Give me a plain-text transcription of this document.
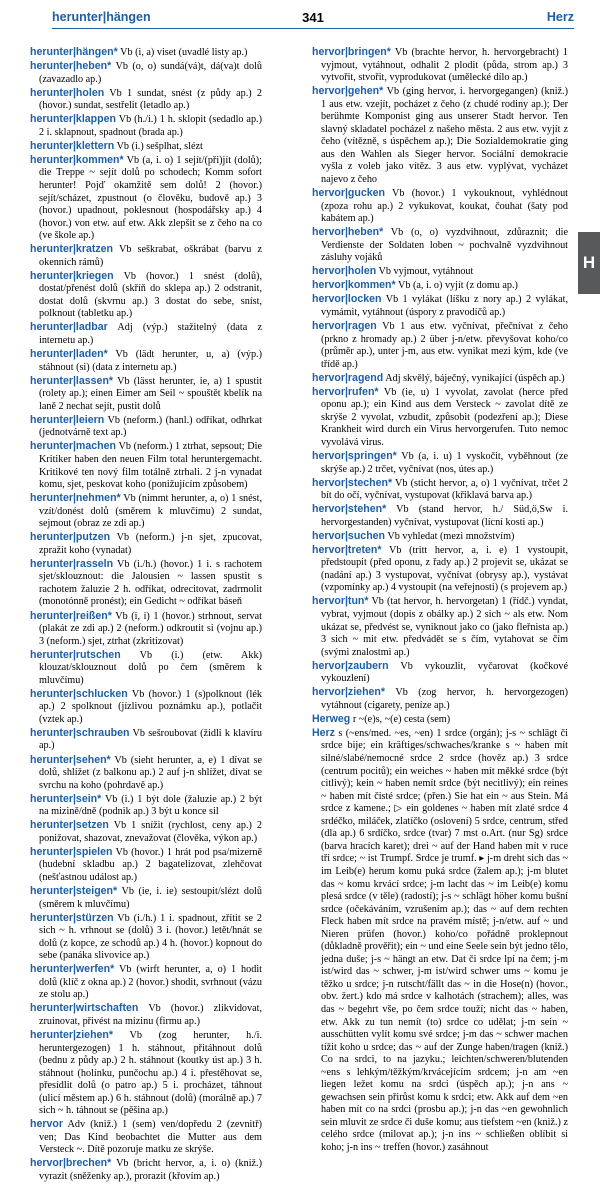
herunter|hängen	341	Herz
H
herunter|hängen* Vb (i, a) viset (uvadlé listy ap.)
herunter|heben* Vb (o, o) sundá(vá)t, dá(va)t dolů (zavazadlo ap.)
herunter|holen Vb 1 sundat, snést (z půdy ap.) 2 (hovor.) sundat, sestřelit (letadlo ap.)
herunter|klappen Vb (h./i.) 1 h. sklopit (sedadlo ap.) 2 i. sklapnout, spadnout (brada ap.)
herunter|klettern Vb (i.) sešplhat, slézt
herunter|kommen* Vb (a, i. o) 1 sejít/(při)jít (dolů); die Treppe ~ sejít dolů po schodech; Komm sofort herunter! Pojď okamžitě sem dolů! 2 (hovor.) sejít/scházet, zpustnout (o člověku, budově ap.) 3 (hovor.) upadnout, poklesnout (hospodářsky ap.) 4 (hovor.) von etw. auf etw. Akk zlepšit se z čeho na co (ve škole ap.)
herunter|kratzen Vb seškrabat, oškrábat (barvu z okenních rámů)
herunter|kriegen Vb (hovor.) 1 snést (dolů), dostat/přenést dolů (skříň do sklepa ap.) 2 odstranit, dostat dolů (skvrnu ap.) 3 dostat do sebe, sníst, polknout (tabletku ap.)
herunter|ladbar Adj (výp.) stažitelný (data z internetu ap.)
herunter|laden* Vb (lädt herunter, u, a) (výp.) stáhnout (si) (data z internetu ap.)
herunter|lassen* Vb (lässt herunter, ie, a) 1 spustit (rolety ap.); einen Eimer am Seil ~ spouštět kbelík na laně 2 nechat sejít, pustit dolů
herunter|leiern Vb (neform.) (hanl.) odříkat, odhrkat (jednotvárně text ap.)
herunter|machen Vb (neform.) 1 ztrhat, sepsout; Die Kritiker haben den neuen Film total heruntergemacht. Kritikové ten nový film totálně ztrhali. 2 j-n vynadat komu, sjet, peskovat koho (ponižujícím způsobem)
herunter|nehmen* Vb (nimmt herunter, a, o) 1 snést, vzít/donést dolů (směrem k mluvčímu) 2 sundat, sejmout (obraz ze zdi ap.)
herunter|putzen Vb (neform.) j-n sjet, zpucovat, zpražit koho (vynadat)
herunter|rasseln Vb (i./h.) (hovor.) 1 i. s rachotem sjet/sklouznout: die Jalousien ~ lassen spustit s rachotem žaluzie 2 h. odříkat, odrecitovat, zadrmolit (monotónně pronést); ein Gedicht ~ odříkat báseň
herunter|reißen* Vb (i, i) 1 (hovor.) strhnout, servat (plakát ze zdi ap.) 2 (neform.) odkroutit si (vojnu ap.) 3 (neform.) sjet, ztrhat (zkritizovat)
herunter|rutschen Vb (i.) (etw. Akk) klouzat/sklouznout dolů po čem (směrem k mluvčímu)
herunter|schlucken Vb (hovor.) 1 (s)polknout (lék ap.) 2 spolknout (jízlivou poznámku ap.), potlačit (vztek ap.)
herunter|schrauben Vb sešroubovat (židli k klavíru ap.)
herunter|sehen* Vb (sieht herunter, a, e) 1 dívat se dolů, shlížet (z balkonu ap.) 2 auf j-n shlížet, dívat se svrchu na koho (pohrdavě ap.)
herunter|sein* Vb (i.) 1 být dole (žaluzie ap.) 2 být na mizině/dně (podnik ap.) 3 být u konce sil
herunter|setzen Vb 1 snížit (rychlost, ceny ap.) 2 ponižovat, shazovat, znevažovat (člověka, výkon ap.)
herunter|spielen Vb (hovor.) 1 hrát pod psa/mizerně (hudební skladbu ap.) 2 bagatelizovat, zlehčovat (nešťastnou událost ap.)
herunter|steigen* Vb (ie, i. ie) sestoupit/slézt dolů (směrem k mluvčímu)
herunter|stürzen Vb (i./h.) 1 i. spadnout, zřítit se 2 sich ~ h. vrhnout se (dolů) 3 i. (hovor.) letět/hnát se dolů (z kopce, ze schodů ap.) 4 h. (hovor.) kopnout do sebe (panáka slivovice ap.)
herunter|werfen* Vb (wirft herunter, a, o) 1 hodit dolů (klíč z okna ap.) 2 (hovor.) shodit, svrhnout (vázu ze stolu ap.)
herunter|wirtschaften Vb (hovor.) zlikvidovat, zruinovat, přivést na mizinu (firmu ap.)
herunter|ziehen* Vb (zog herunter, h./i. heruntergezogen) 1 h. stáhnout, přitáhnout dolů (bednu z půdy ap.) 2 h. stáhnout (koutky úst ap.) 3 h. stáhnout (holínku, punčochu ap.) 4 i. přestěhovat se, přesídlit dolů (o patro ap.) 5 i. procházet, táhnout (ulicí městem ap.) 6 h. stáhnout (dolů) (morálně ap.) 7 sich ~ h. táhnout se (pěšina ap.)
hervor Adv (kniž.) 1 (sem) ven/dopředu 2 (zevnitř) ven; Das Kind beobachtet die Mutter aus dem Versteck ~. Dítě pozoruje matku ze skrýše.
hervor|brechen* Vb (bricht hervor, a, i. o) (kniž.) vyrazit (sněženky ap.), prorazit (křovím ap.)
hervor|bringen* Vb (brachte hervor, h. hervorgebracht) 1 vyjmout, vytáhnout, odhalit 2 plodit (půda, strom ap.) 3 vytvořit, stvořit, vyprodukovat (umělecké dílo ap.)
hervor|gehen* Vb (ging hervor, i. hervorgegangen) (kniž.) 1 aus etw. vzejít, pocházet z čeho (z chudé rodiny ap.); Der berühmte Komponist ging aus unserer Stadt hervor. Ten slavný skladatel pocházel z našeho města. 2 aus etw. vyjít z čeho (vítězně, s úspěchem ap.); Die Sozialdemokratie ging aus den Wahlen als Sieger hervor. Sociální demokracie vyšla z voleb jako vítěz. 3 aus etw. vyplývat, vycházet najevo z čeho
hervor|gucken Vb (hovor.) 1 vykouknout, vyhlédnout (zpoza rohu ap.) 2 vykukovat, koukat, čouhat (šaty pod kabátem ap.)
hervor|heben* Vb (o, o) vyzdvihnout, zdůraznit; die Verdienste der Soldaten loben ~ pochvalně vyzdvihnout zásluhy vojáků
hervor|holen Vb vyjmout, vytáhnout
hervor|kommen* Vb (a, i. o) vyjít (z domu ap.)
hervor|locken Vb 1 vylákat (líšku z nory ap.) 2 vylákat, vymámit, vytáhnout (úspory z pravodíčů ap.)
hervor|ragen Vb 1 aus etw. vyčnívat, přečnívat z čeho (prkno z hromady ap.) 2 über j-n/etw. převyšovat koho/co (průměr ap.), unter j-m, aus etw. vynikat mezi kým, kde (ve třídě ap.)
hervor|ragend Adj skvělý, báječný, vynikající (úspěch ap.)
hervor|rufen* Vb (ie, u) 1 vyvolat, zavolat (herce před oponu ap.); ein Kind aus dem Versteck ~ zavolat dítě ze skrýše 2 vyvolat, vzbudit, způsobit (podezření ap.); Diese Krankheit wird durch ein Virus hervorgerufen. Tuto nemoc vyvolává virus.
hervor|springen* Vb (a, i. u) 1 vyskočit, vyběhnout (ze skrýše ap.) 2 trčet, vyčnívat (nos, útes ap.)
hervor|stechen* Vb (sticht hervor, a, o) 1 vyčnívat, trčet 2 bít do očí, vyčnívat, vystupovat (křiklavá barva ap.)
hervor|stehen* Vb (stand hervor, h./ Süd,ö,Sw i. hervorgestanden) vyčnívat, vystupovat (lícní kosti ap.)
hervor|suchen Vb vyhledat (mezi množstvím)
hervor|treten* Vb (tritt hervor, a, i. e) 1 vystoupit, předstoupit (před oponu, z řady ap.) 2 projevit se, ukázat se (nadání ap.) 3 vystupovat, vyčnívat (obrysy ap.), vystávat (vzpomínky ap.) 4 vystoupit (na veřejnosti) (s projevem ap.)
hervor|tun* Vb (tat hervor, h. hervorgetan) 1 (řídč.) vyndat, vybrat, vyjmout (dopis z obálky ap.) 2 sich ~ als etw. Nom ukázat se, předvést se, vyniknout jako co (jako fleřnista ap.) 3 sich ~ mit etw. předvádět se s čím, vytahovat se čím (svými znalostmi ap.)
hervor|zaubern Vb vykouzlit, vyčarovat (kočkové vykouzlení)
hervor|ziehen* Vb (zog hervor, h. hervorgezogen) vytáhnout (cigarety, peníze ap.)
Herweg r ~(e)s, ~(e) cesta (sem)
Herz s (~ens/med. ~es, ~en) 1 srdce (orgán); j-s ~ schlägt či srdce bije; ein kräftiges/schwaches/kranke s ~ haben mít silné/slabé/nemocné srdce 2 srdce (hověz ap.) 3 srdce (centrum pocitů); ein weiches ~ haben mít měkké srdce (být citlivý); kein ~ haben nemít srdce (být necitlivý); ein reines ~ haben mít čisté srdce; (přen.) Sie hat ein ~ aus Stein. Má srdce z kamene.; ▷ ein goldenes ~ haben mít zlaté srdce 4 srdéčko, miláček, zlatíčko (oslovení) 5 srdce, centrum, střed (dla ap.) 6 srdíčko, srdce (tvar) 7 mst o.Art. (nur Sg) srdce (barva hracích karet); drei ~ auf der Hand haben mít v ruce tři srdce; ~ ist Trumpf. Srdce je trumf. ▸ j-m dreht sich das ~ im Leib(e) herum komu puká srdce (žalem ap.); j-m blutet das ~ komu krvácí srdce; j-m lacht das ~ im Leib(e) komu plesá srdce (v těle) (radostí); j-s ~ schlägt höher komu bušní srdce (očekáváním, vzrušením ap.); das ~ auf dem rechten Fleck haben mít srdce na pravém místě; j-n/etw. auf ~ und Nieren prüfen (hovor.) koho/co pořádně proklepnout (důkladně prověřit); ein ~ und eine Seele sein být jedno tělo, jedna duše; j-s ~ hängt an etw. Dat či srdce lpí na čem; j-m ist/wird das ~ schwer, j-m ist/wird schwer ums ~ komu je těžko u srdce; j-n rutscht/fällt das ~ in die Hose(n) (hovor., obv. žert.) kdo má srdce v kalhotách (strachem); alles, was das ~ begehrt vše, po čem srdce touží; nicht das ~ haben, etw. Akk zu tun nemít (to) srdce co udělat; j-m sein ~ ausschütten vylít komu své srdce; j-m das ~ schwer machen tížit koho u srdce; das ~ auf der Zunge haben/tragen (kniž.) Co na srdci, to na jazyku.; leichten/schweren/blutenden ~ens s lehkým/těžkým/krvácejícím srdcem; j-n am ~en liegen ležet komu na srdci (úspěch ap.); j-n ans ~ gewachsen sein přirůst komu k srdci; etw. Akk auf dem ~en haben mít co na srdci (prosbu ap.); j-n das ~en gewohnlich sein mluvit ze srdce či duše komu; aus tiefstem ~en (kniž.) z celého srdce (milovat ap.); j-n ins ~ schließen oblíbit si koho; j-n ins ~ treffen (hovor.) zasáhnout
